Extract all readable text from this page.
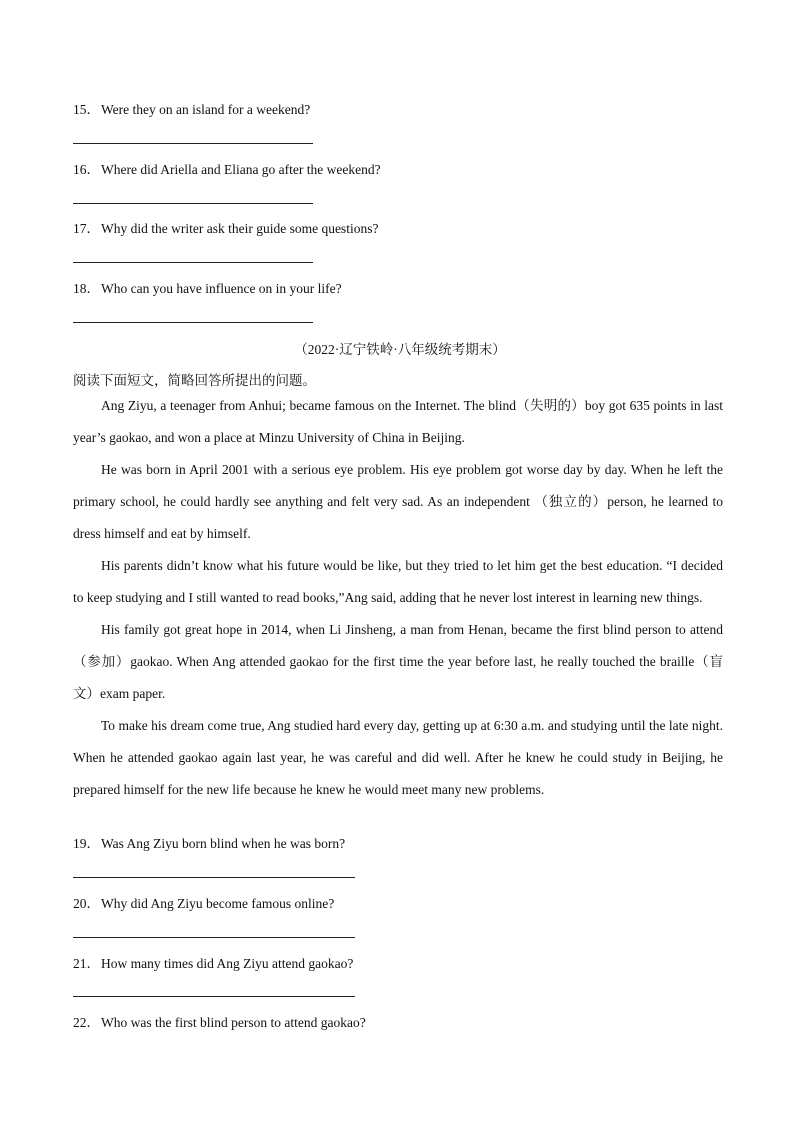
15．Were they on an island for a weekend?
16．Where did Ariella and Eliana go after the weekend?
17．Why did the writer ask their guide some questions?
18．Who can you have influence on in your life?
（2022·辽宁铁岭·八年级统考期末）
阅读下面短文，简略回答所提出的问题。

Ang Ziyu, a teenager from Anhui; became famous on the Internet. The blind（失明的）boy got 635 points in last year’s gaokao, and won a place at Minzu University of China in Beijing.

He was born in April 2001 with a serious eye problem. His eye problem got worse day by day. When he left the primary school, he could hardly see anything and felt very sad. As an independent （独立的）person, he learned to dress himself and eat by himself.

His parents didn’t know what his future would be like, but they tried to let him get the best education. “I decided to keep studying and I still wanted to read books,”Ang said, adding that he never lost interest in learning new things.

His family got great hope in 2014, when Li Jinsheng, a man from Henan, became the first blind person to attend（参加）gaokao. When Ang attended gaokao for the first time the year before last, he really touched the braille（盲文）exam paper.

To make his dream come true, Ang studied hard every day, getting up at 6:30 a.m. and studying until the late night. When he attended gaokao again last year, he was careful and did well. After he knew he could study in Beijing, he prepared himself for the new life because he knew he would meet many new problems.

19．Was Ang Ziyu born blind when he was born?
20．Why did Ang Ziyu become famous online?
21．How many times did Ang Ziyu attend gaokao?
22．Who was the first blind person to attend gaokao?
